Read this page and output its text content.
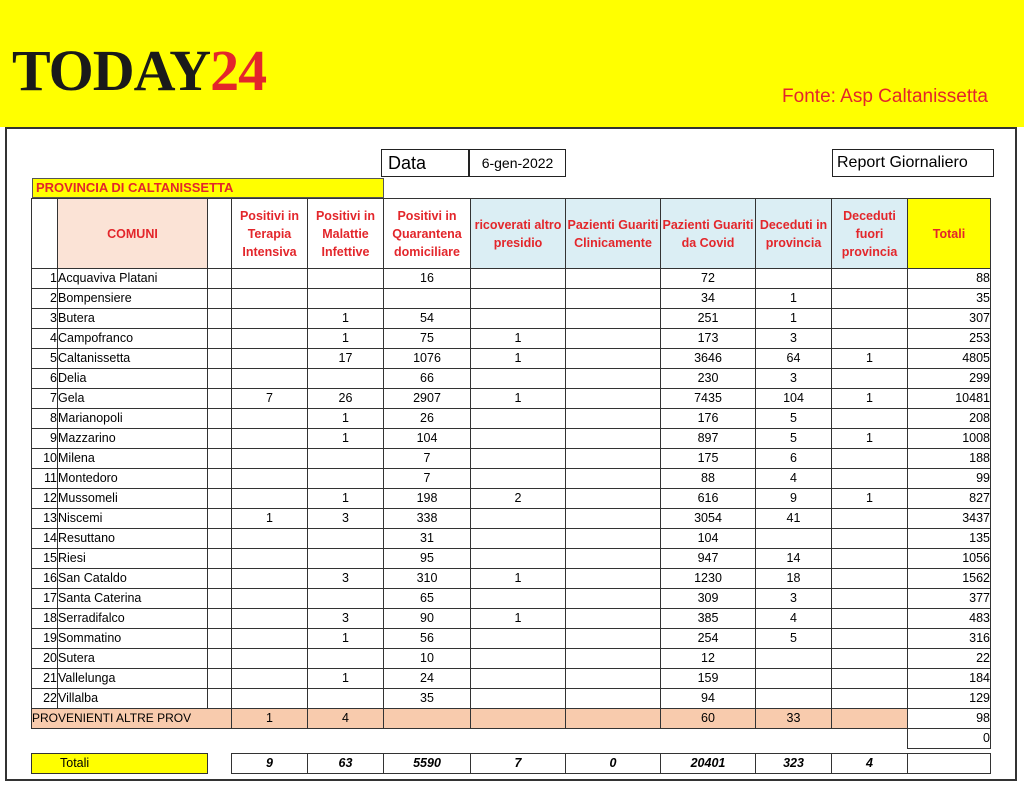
TODAY24	Fonte: Asp Caltanissetta
Data	6-gen-2022	Report Giornaliero
PROVINCIA DI CALTANISSETTA
	COMUNI		Positivi in Terapia Intensiva	Positivi in Malattie Infettive	Positivi in Quarantena domiciliare	ricoverati altro presidio	Pazienti Guariti Clinicamente	Pazienti Guariti da Covid	Deceduti in provincia	Deceduti fuori provincia	Totali
1	Acquaviva Platani				16			72			88
2	Bompensiere							34	1		35
3	Butera			1	54			251	1		307
4	Campofranco			1	75	1		173	3		253
5	Caltanissetta			17	1076	1		3646	64	1	4805
6	Delia				66			230	3		299
7	Gela		7	26	2907	1		7435	104	1	10481
8	Marianopoli			1	26			176	5		208
9	Mazzarino			1	104			897	5	1	1008
10	Milena				7			175	6		188
11	Montedoro				7			88	4		99
12	Mussomeli			1	198	2		616	9	1	827
13	Niscemi		1	3	338			3054	41		3437
14	Resuttano				31			104			135
15	Riesi				95			947	14		1056
16	San Cataldo			3	310	1		1230	18		1562
17	Santa Caterina				65			309	3		377
18	Serradifalco			3	90	1		385	4		483
19	Sommatino			1	56			254	5		316
20	Sutera				10			12			22
21	Vallelunga			1	24			159			184
22	Villalba				35			94			129
PROVENIENTI ALTRE PROV			1	4				60	33		98
											0

Totali			9	63	5590	7	0	20401	323	4	
